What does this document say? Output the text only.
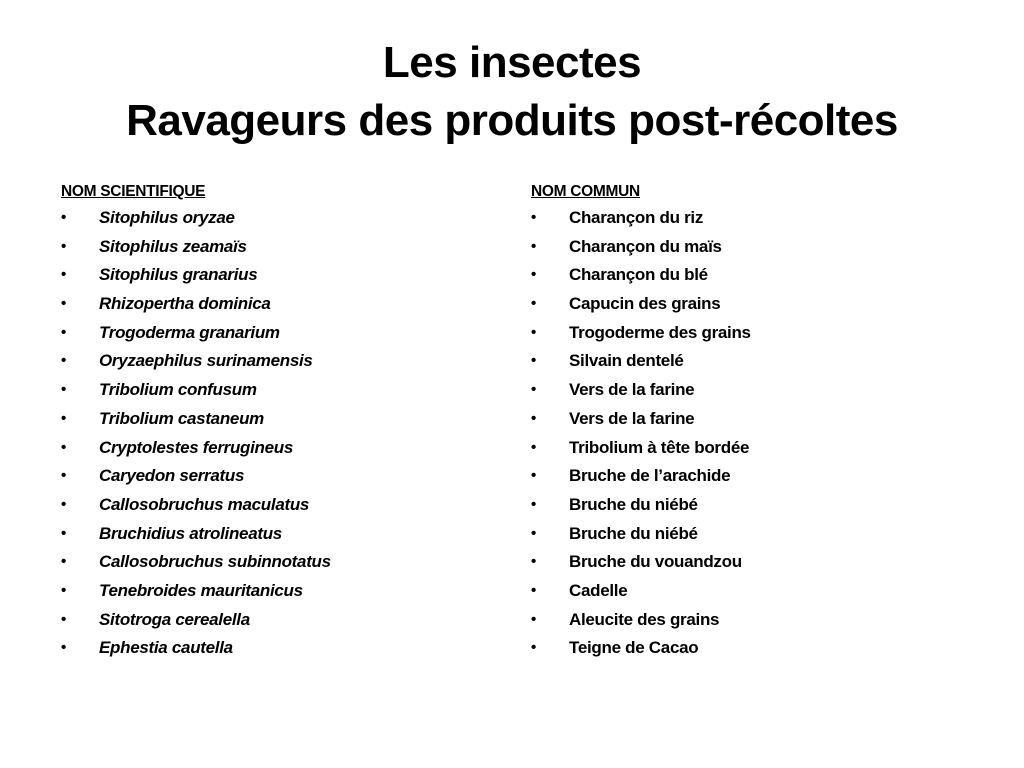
Les insectes
Ravageurs des produits post-récoltes
NOM SCIENTIFIQUE
• Sitophilus oryzae
• Sitophilus zeamaïs
• Sitophilus granarius
• Rhizopertha dominica
• Trogoderma granarium
• Oryzaephilus surinamensis
• Tribolium confusum
• Tribolium castaneum
• Cryptolestes ferrugineus
• Caryedon serratus
• Callosobruchus maculatus
• Bruchidius atrolineatus
• Callosobruchus subinnotatus
• Tenebroides mauritanicus
• Sitotroga cerealella
• Ephestia cautella
NOM COMMUN
• Charançon du riz
• Charançon du maïs
• Charançon du blé
• Capucin des grains
• Trogoderme des grains
• Silvain dentelé
• Vers de la farine
• Vers de la farine
• Tribolium à tête bordée
• Bruche de l’arachide
• Bruche du niébé
• Bruche du niébé
• Bruche du vouandzou
• Cadelle
• Aleucite des grains
• Teigne de Cacao
